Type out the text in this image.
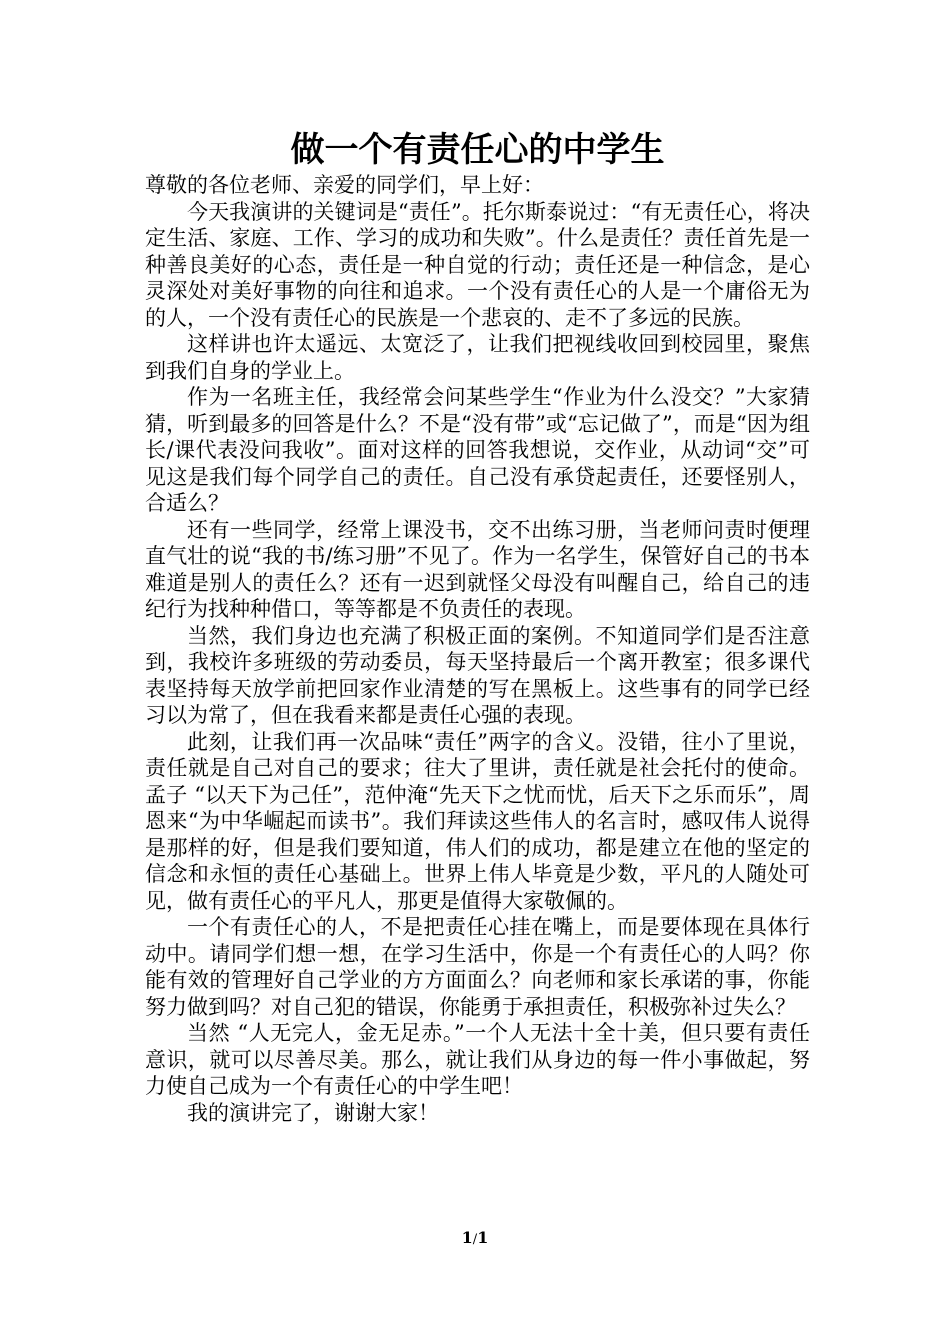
做一个有责任心的中学生

尊敬的各位老师、亲爱的同学们，早上好：

今天我演讲的关键词是“责任”。托尔斯泰说过：“有无责任心，将决定生活、家庭、工作、学习的成功和失败”。什么是责任？责任首先是一种善良美好的心态，责任是一种自觉的行动；责任还是一种信念，是心灵深处对美好事物的向往和追求。一个没有责任心的人是一个庸俗无为的人，一个没有责任心的民族是一个悲哀的、走不了多远的民族。

这样讲也许太遥远、太宽泛了，让我们把视线收回到校园里，聚焦到我们自身的学业上。

作为一名班主任，我经常会问某些学生“作业为什么没交？”大家猜猜，听到最多的回答是什么？不是“没有带”或“忘记做了”，而是“因为组长/课代表没问我收”。面对这样的回答我想说，交作业，从动词“交”可见这是我们每个同学自己的责任。自己没有承贷起责任，还要怪别人，合适么？

还有一些同学，经常上课没书，交不出练习册，当老师问责时便理直气壮的说“我的书/练习册”不见了。作为一名学生，保管好自己的书本难道是别人的责任么？还有一迟到就怪父母没有叫醒自己，给自己的违纪行为找种种借口，等等都是不负责任的表现。

当然，我们身边也充满了积极正面的案例。不知道同学们是否注意到，我校许多班级的劳动委员，每天坚持最后一个离开教室；很多课代表坚持每天放学前把回家作业清楚的写在黑板上。这些事有的同学已经习以为常了，但在我看来都是责任心强的表现。

此刻，让我们再一次品味“责任”两字的含义。没错，往小了里说，责任就是自己对自己的要求；往大了里讲，责任就是社会托付的使命。孟子 “以天下为己任”，范仲淹“先天下之忧而忧，后天下之乐而乐”，周恩来“为中华崛起而读书”。我们拜读这些伟人的名言时，感叹伟人说得是那样的好，但是我们要知道，伟人们的成功，都是建立在他的坚定的信念和永恒的责任心基础上。世界上伟人毕竟是少数，平凡的人随处可见，做有责任心的平凡人，那更是值得大家敬佩的。

一个有责任心的人，不是把责任心挂在嘴上，而是要体现在具体行动中。请同学们想一想，在学习生活中，你是一个有责任心的人吗？你能有效的管理好自己学业的方方面面么？向老师和家长承诺的事，你能努力做到吗？对自己犯的错误，你能勇于承担责任，积极弥补过失么？

当然 “人无完人，金无足赤。”一个人无法十全十美，但只要有责任意识，就可以尽善尽美。那么，就让我们从身边的每一件小事做起，努力使自己成为一个有责任心的中学生吧！

我的演讲完了，谢谢大家！

1/1
